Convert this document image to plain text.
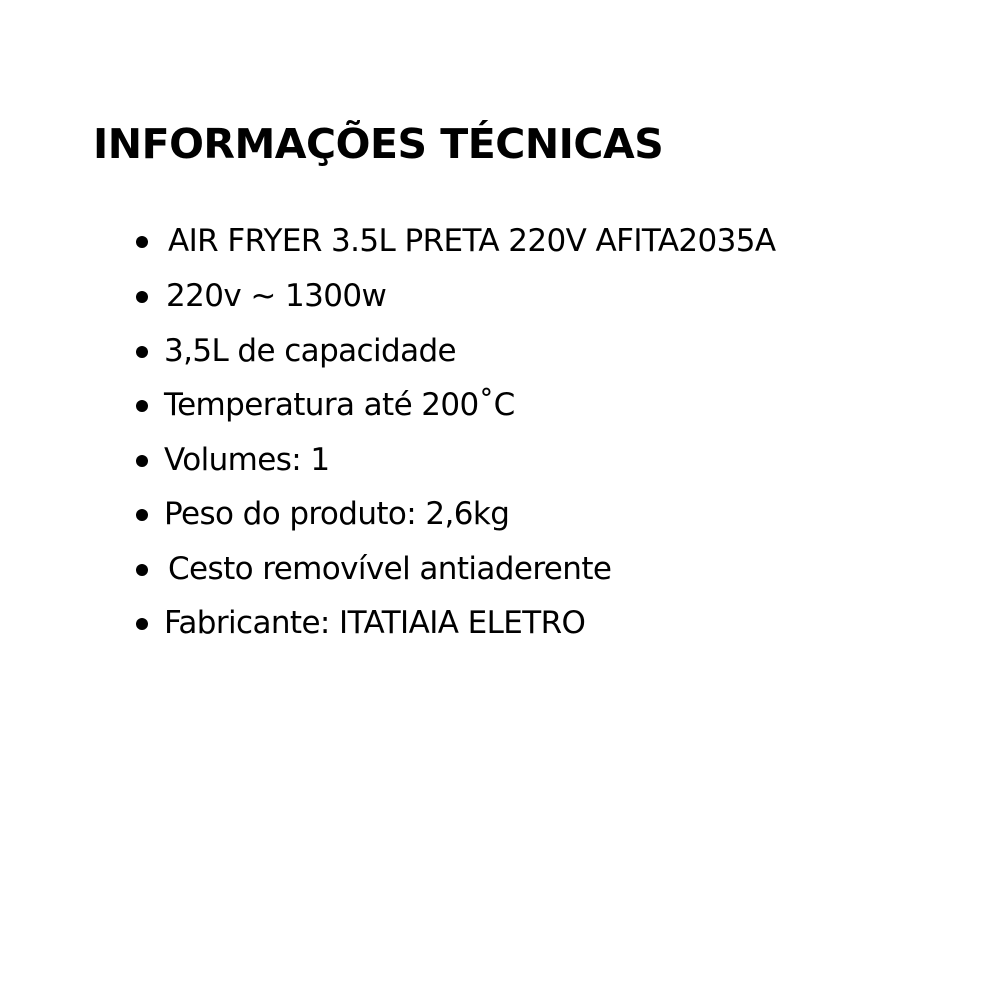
INFORMAÇÕES TÉCNICAS
AIR FRYER 3.5L PRETA 220V AFITA2035A
220v ~ 1300w
3,5L de capacidade
Temperatura até 200˚C
Volumes: 1
Peso do produto: 2,6kg
Cesto removível antiaderente
Fabricante: ITATIAIA ELETRO
